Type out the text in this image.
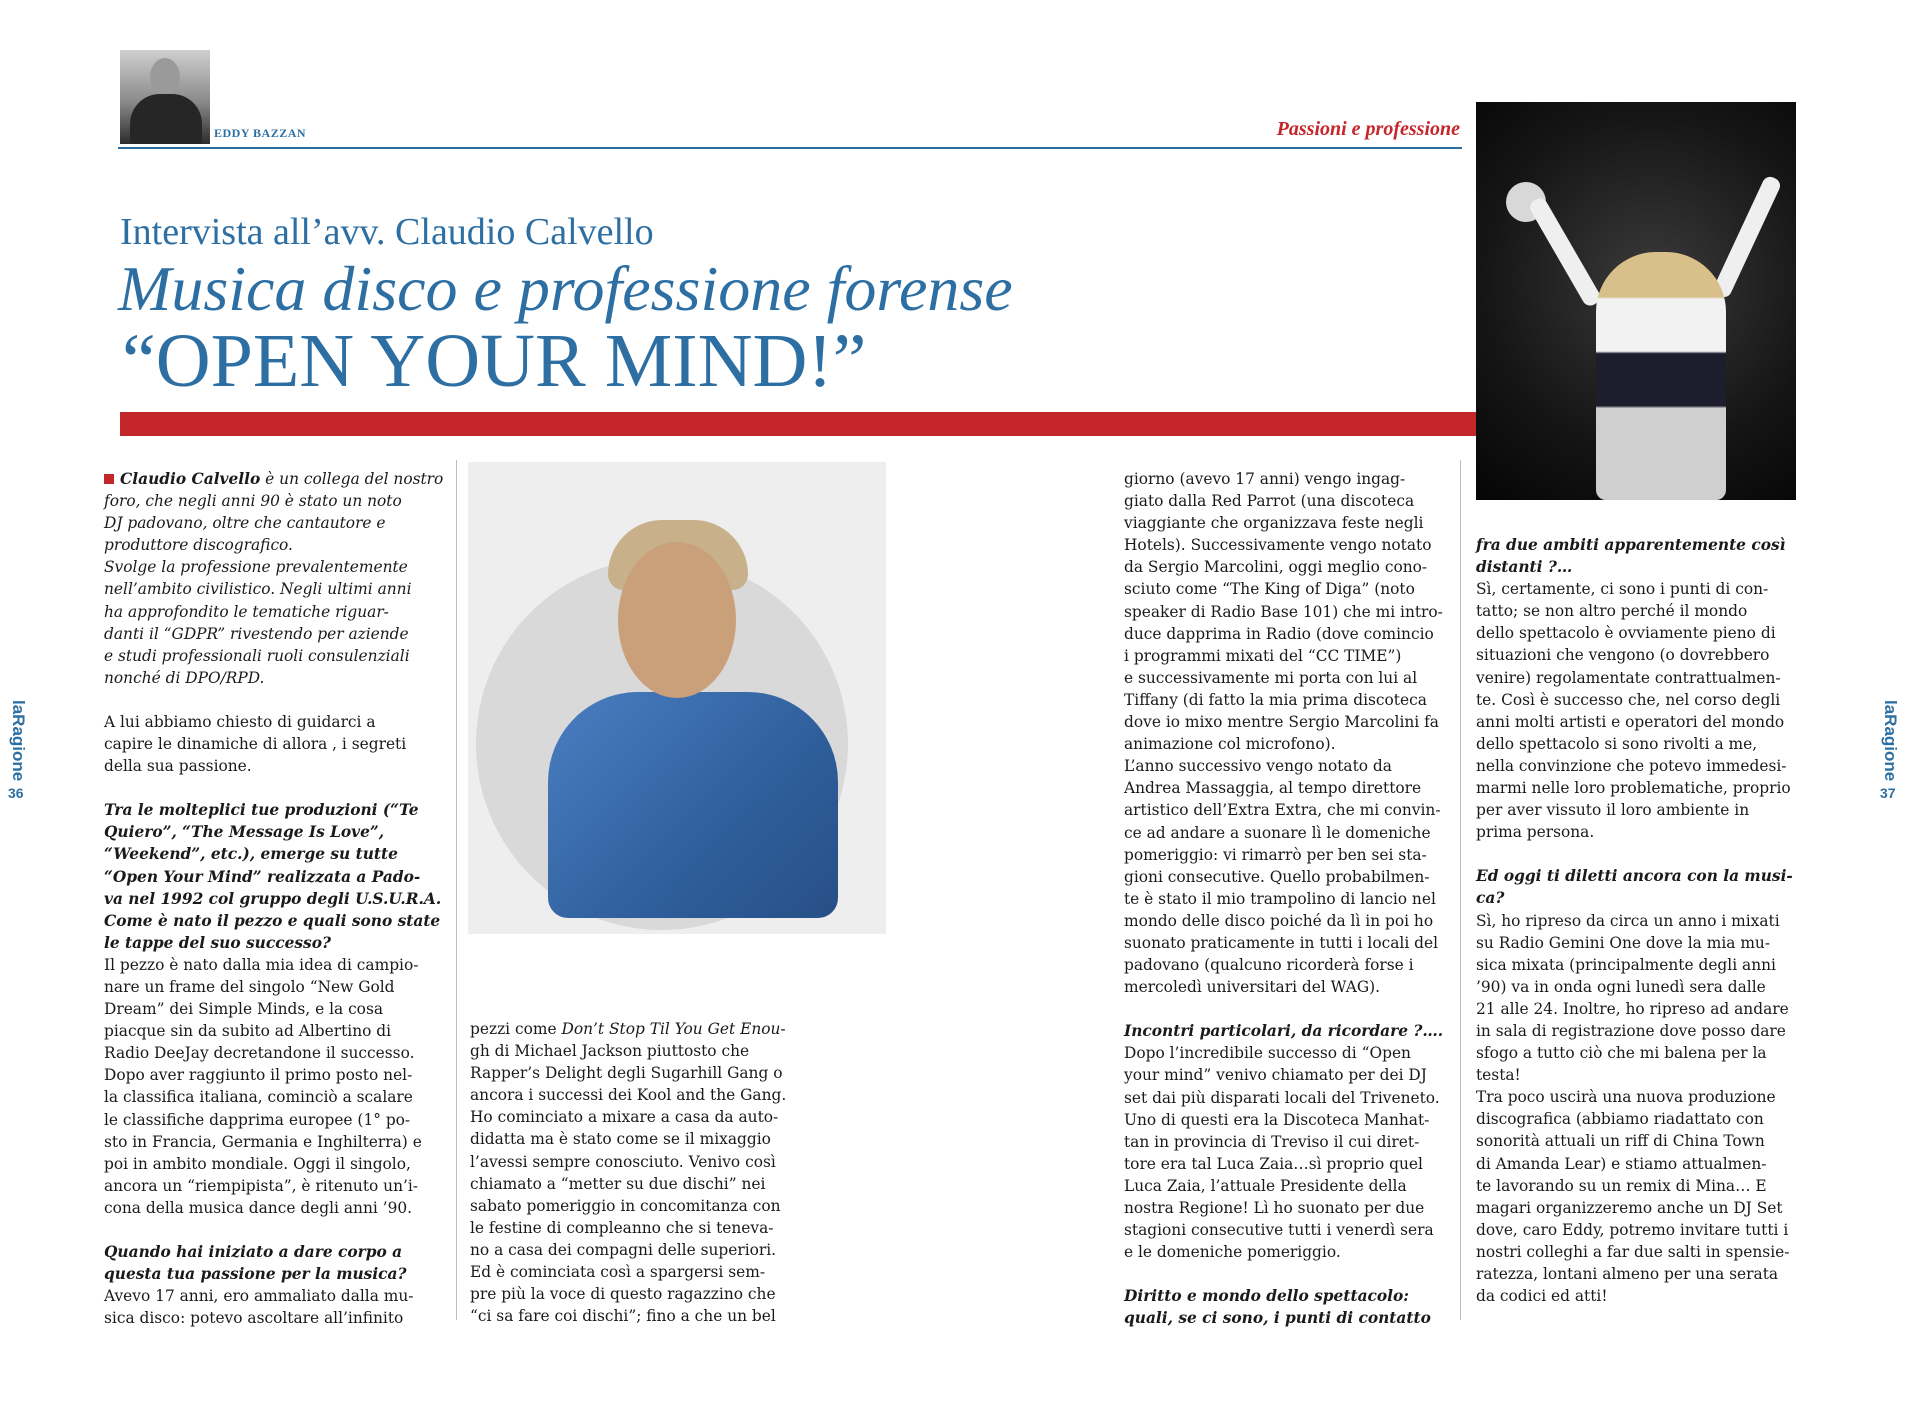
EDDY BAZZAN	Passioni e professione
Intervista all’avv. Claudio Calvello
Musica disco e professione forense
“OPEN YOUR MIND!”
laRagione
36
laRagione
37

Claudio Calvello è un collega del nostro

foro, che negli anni 90 è stato un noto

DJ padovano, oltre che cantautore e

produttore discografico.

Svolge la professione prevalentemente

nell’ambito civilistico. Negli ultimi anni

ha approfondito le tematiche riguar-

danti il “GDPR” rivestendo per aziende

e studi professionali ruoli consulenziali

nonché di DPO/RPD.

A lui abbiamo chiesto di guidarci a

capire le dinamiche di allora , i segreti

della sua passione.

Tra le molteplici tue produzioni (“Te

Quiero”, “The Message Is Love”,

“Weekend”, etc.), emerge su tutte

“Open Your Mind” realizzata a Pado-

va nel 1992 col gruppo degli U.S.U.R.A.

Come è nato il pezzo e quali sono state

le tappe del suo successo?

Il pezzo è nato dalla mia idea di campio-

nare un frame del singolo “New Gold

Dream” dei Simple Minds, e la cosa

piacque sin da subito ad Albertino di

Radio DeeJay decretandone il successo.

Dopo aver raggiunto il primo posto nel-

la classifica italiana, cominciò a scalare

le classifiche dapprima europee (1° po-

sto in Francia, Germania e Inghilterra) e

poi in ambito mondiale. Oggi il singolo,

ancora un “riempipista”, è ritenuto un’i-

cona della musica dance degli anni ’90.

Quando hai iniziato a dare corpo a

questa tua passione per la musica?

Avevo 17 anni, ero ammaliato dalla mu-

sica disco: potevo ascoltare all’infinito

pezzi come Don’t Stop Til You Get Enou-

gh di Michael Jackson piuttosto che

Rapper’s Delight degli Sugarhill Gang o

ancora i successi dei Kool and the Gang.

Ho cominciato a mixare a casa da auto-

didatta ma è stato come se il mixaggio

l’avessi sempre conosciuto. Venivo così

chiamato a “metter su due dischi” nei

sabato pomeriggio in concomitanza con

le festine di compleanno che si teneva-

no a casa dei compagni delle superiori.

Ed è cominciata così a spargersi sem-

pre più la voce di questo ragazzino che

“ci sa fare coi dischi”; fino a che un bel

giorno (avevo 17 anni) vengo ingag-

giato dalla Red Parrot (una discoteca

viaggiante che organizzava feste negli

Hotels). Successivamente vengo notato

da Sergio Marcolini, oggi meglio cono-

sciuto come “The King of Diga” (noto

speaker di Radio Base 101) che mi intro-

duce dapprima in Radio (dove comincio

i programmi mixati del “CC TIME”)

e successivamente mi porta con lui al

Tiffany (di fatto la mia prima discoteca

dove io mixo mentre Sergio Marcolini fa

animazione col microfono).

L’anno successivo vengo notato da

Andrea Massaggia, al tempo direttore

artistico dell’Extra Extra, che mi convin-

ce ad andare a suonare lì le domeniche

pomeriggio: vi rimarrò per ben sei sta-

gioni consecutive. Quello probabilmen-

te è stato il mio trampolino di lancio nel

mondo delle disco poiché da lì in poi ho

suonato praticamente in tutti i locali del

padovano (qualcuno ricorderà forse i

mercoledì universitari del WAG).

Incontri particolari, da ricordare ?….

Dopo l’incredibile successo di “Open

your mind” venivo chiamato per dei DJ

set dai più disparati locali del Triveneto.

Uno di questi era la Discoteca Manhat-

tan in provincia di Treviso il cui diret-

tore era tal Luca Zaia…sì proprio quel

Luca Zaia, l’attuale Presidente della

nostra Regione! Lì ho suonato per due

stagioni consecutive tutti i venerdì sera

e le domeniche pomeriggio.

Diritto e mondo dello spettacolo:

quali, se ci sono, i punti di contatto

fra due ambiti apparentemente così

distanti ?…

Sì, certamente, ci sono i punti di con-

tatto; se non altro perché il mondo

dello spettacolo è ovviamente pieno di

situazioni che vengono (o dovrebbero

venire) regolamentate contrattualmen-

te. Così è successo che, nel corso degli

anni molti artisti e operatori del mondo

dello spettacolo si sono rivolti a me,

nella convinzione che potevo immedesi-

marmi nelle loro problematiche, proprio

per aver vissuto il loro ambiente in

prima persona.

Ed oggi ti diletti ancora con la musi-

ca?

Sì, ho ripreso da circa un anno i mixati

su Radio Gemini One dove la mia mu-

sica mixata (principalmente degli anni

’90) va in onda ogni lunedì sera dalle

21 alle 24. Inoltre, ho ripreso ad andare

in sala di registrazione dove posso dare

sfogo a tutto ciò che mi balena per la

testa!

Tra poco uscirà una nuova produzione

discografica (abbiamo riadattato con

sonorità attuali un riff di China Town

di Amanda Lear) e stiamo attualmen-

te lavorando su un remix di Mina… E

magari organizzeremo anche un DJ Set

dove, caro Eddy, potremo invitare tutti i

nostri colleghi a far due salti in spensie-

ratezza, lontani almeno per una serata

da codici ed atti!
